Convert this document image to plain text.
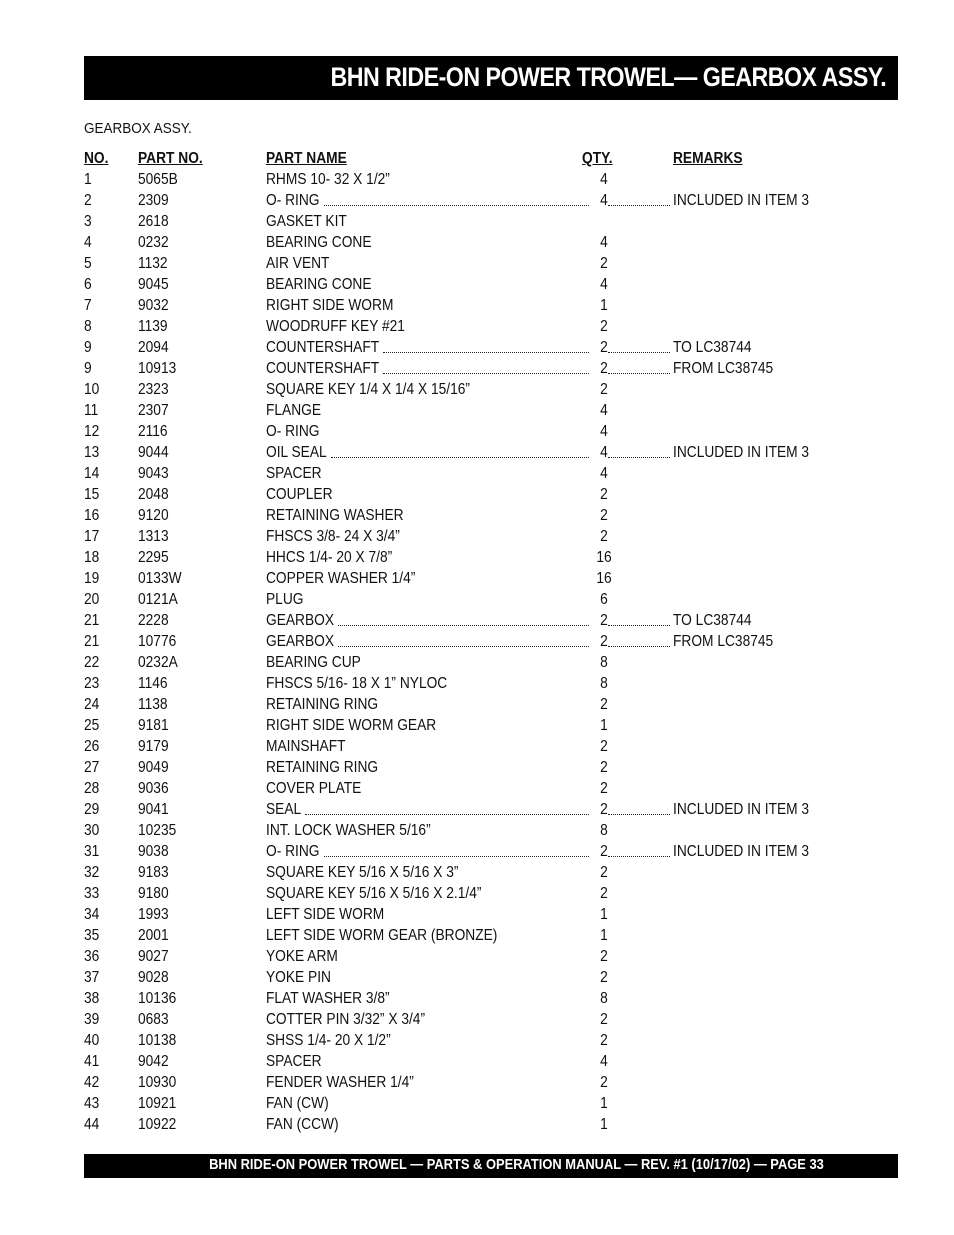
BHN RIDE-ON POWER TROWEL— GEARBOX ASSY.
GEARBOX ASSY.
NO. PART NO.	PART NAME	QTY.	REMARKS
1	5065B	RHMS 10- 32 X 1/2”	4
2	2309	O- RING	4	INCLUDED IN ITEM 3
3	2618	GASKET KIT
4	0232	BEARING CONE	4
5	1132	AIR VENT	2
6	9045	BEARING CONE	4
7	9032	RIGHT SIDE WORM	1
8	1139	WOODRUFF KEY #21	2
9	2094	COUNTERSHAFT	2	TO LC38744
9	10913	COUNTERSHAFT	2	FROM LC38745
10 2323	SQUARE KEY 1/4 X 1/4 X 15/16”	2
11 2307	FLANGE	4
12 2116	O- RING	4
13 9044	OIL SEAL	4	INCLUDED IN ITEM 3
14 9043	SPACER	4
15 2048	COUPLER	2
16 9120	RETAINING WASHER	2
17 1313	FHSCS 3/8- 24 X 3/4”	2
18 2295	HHCS 1/4- 20 X 7/8”	16
19 0133W	COPPER WASHER 1/4”	16
20 0121A	PLUG	6
21 2228	GEARBOX	2	TO LC38744
21 10776	GEARBOX	2	FROM LC38745
22 0232A	BEARING CUP	8
23 1146	FHSCS 5/16- 18 X 1” NYLOC	8
24 1138	RETAINING RING	2
25 9181	RIGHT SIDE WORM GEAR	1
26 9179	MAINSHAFT	2
27 9049	RETAINING RING	2
28 9036	COVER PLATE	2
29 9041	SEAL	2	INCLUDED IN ITEM 3
30 10235	INT. LOCK WASHER 5/16”	8
31 9038	O- RING	2	INCLUDED IN ITEM 3
32 9183	SQUARE KEY 5/16 X 5/16 X 3”	2
33 9180	SQUARE KEY 5/16 X 5/16 X 2.1/4”	2
34 1993	LEFT SIDE WORM	1
35 2001	LEFT SIDE WORM GEAR (BRONZE)	1
36 9027	YOKE ARM	2
37 9028	YOKE PIN	2
38 10136	FLAT WASHER 3/8”	8
39 0683	COTTER PIN 3/32” X 3/4”	2
40 10138	SHSS 1/4- 20 X 1/2”	2
41 9042	SPACER	4
42 10930	FENDER WASHER 1/4”	2
43 10921	FAN (CW)	1
44 10922	FAN (CCW)	1
BHN RIDE-ON POWER TROWEL — PARTS & OPERATION MANUAL — REV. #1 (10/17/02) — PAGE 33
